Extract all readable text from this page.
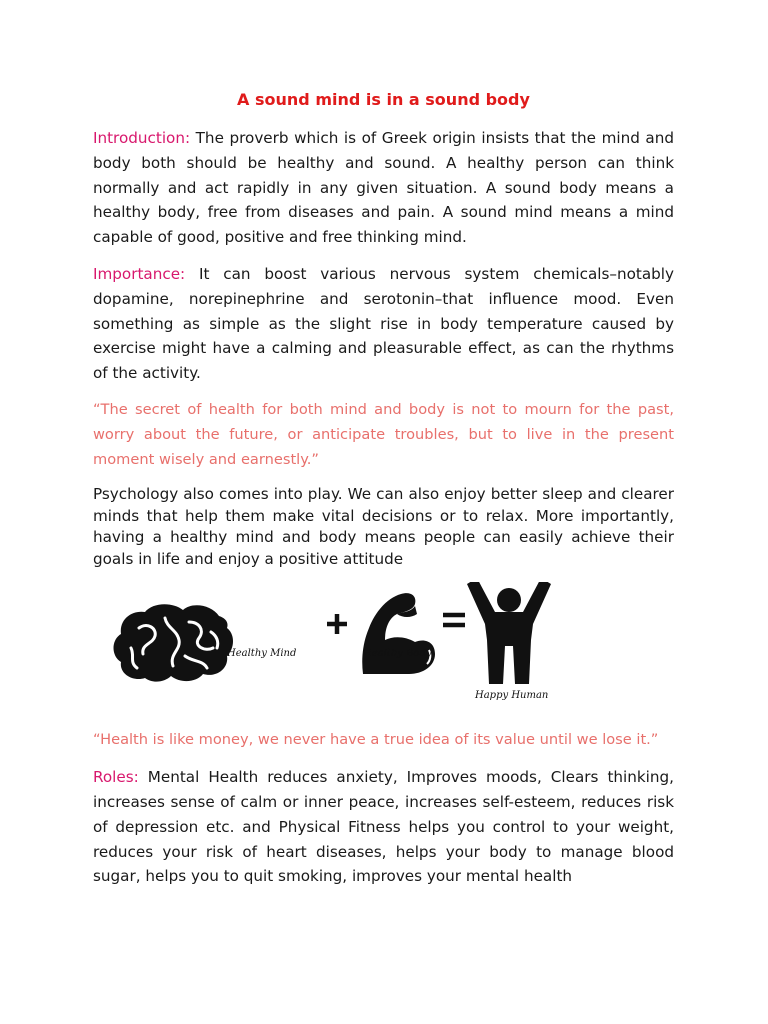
A sound mind is in a sound body

Introduction: The proverb which is of Greek origin insists that the mind and body both should be healthy and sound. A healthy person can think normally and act rapidly in any given situation. A sound body means a healthy body, free from diseases and pain. A sound mind means a mind capable of good, positive and free thinking mind.

Importance: It can boost various nervous system chemicals–notably dopamine, norepinephrine and serotonin–that influence mood. Even something as simple as the slight rise in body temperature caused by exercise might have a calming and pleasurable effect, as can the rhythms of the activity.

“The secret of health for both mind and body is not to mourn for the past, worry about the future, or anticipate troubles, but to live in the present moment wisely and earnestly.”

Psychology also comes into play. We can also enjoy better sleep and clearer minds that help them make vital decisions or to relax. More importantly, having a healthy mind and body means people can easily achieve their goals in life and enjoy a positive attitude

Healthy Mind	Healthy Body
Happy Human

“Health is like money, we never have a true idea of its value until we lose it.”

Roles: Mental Health reduces anxiety, Improves moods, Clears thinking, increases sense of calm or inner peace, increases self-esteem, reduces risk of depression etc. and Physical Fitness helps you control to your weight, reduces your risk of heart diseases, helps your body to manage blood sugar, helps you to quit smoking, improves your mental health
